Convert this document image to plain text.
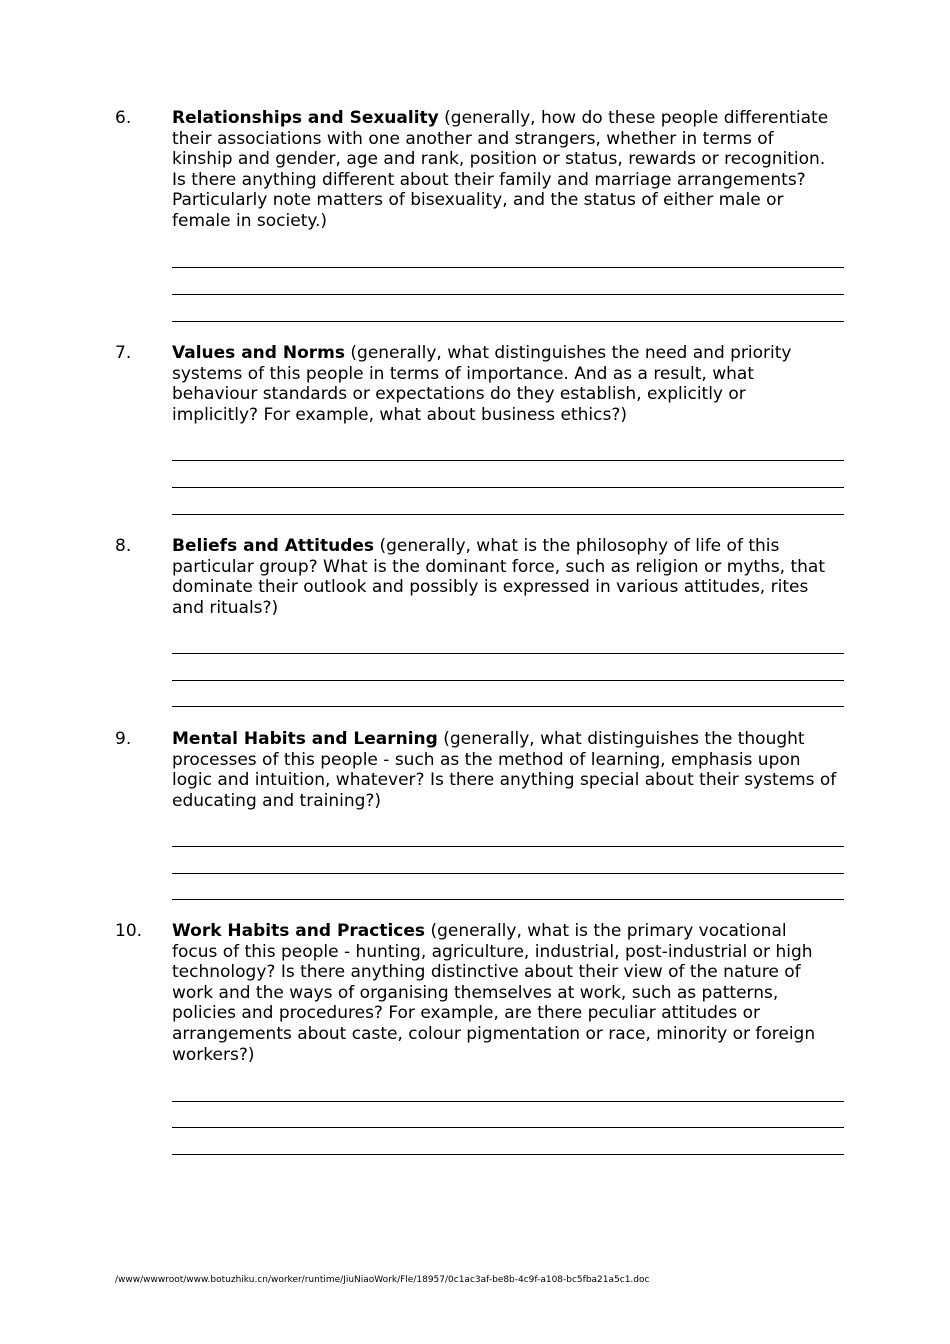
6. Relationships and Sexuality (generally, how do these people differentiate their associations with one another and strangers, whether in terms of kinship and gender, age and rank, position or status, rewards or recognition. Is there anything different about their family and marriage arrangements? Particularly note matters of bisexuality, and the status of either male or female in society.)
7. Values and Norms (generally, what distinguishes the need and priority systems of this people in terms of importance. And as a result, what behaviour standards or expectations do they establish, explicitly or implicitly? For example, what about business ethics?)
8. Beliefs and Attitudes (generally, what is the philosophy of life of this particular group? What is the dominant force, such as religion or myths, that dominate their outlook and possibly is expressed in various attitudes, rites and rituals?)
9. Mental Habits and Learning (generally, what distinguishes the thought processes of this people - such as the method of learning, emphasis upon logic and intuition, whatever? Is there anything special about their systems of educating and training?)
10. Work Habits and Practices (generally, what is the primary vocational focus of this people - hunting, agriculture, industrial, post-industrial or high technology? Is there anything distinctive about their view of the nature of work and the ways of organising themselves at work, such as patterns, policies and procedures? For example, are there peculiar attitudes or arrangements about caste, colour pigmentation or race, minority or foreign workers?)
/www/wwwroot/www.botuzhiku.cn/worker/runtime/JiuNiaoWork/Fle/18957/0c1ac3af-be8b-4c9f-a108-bc5fba21a5c1.doc
